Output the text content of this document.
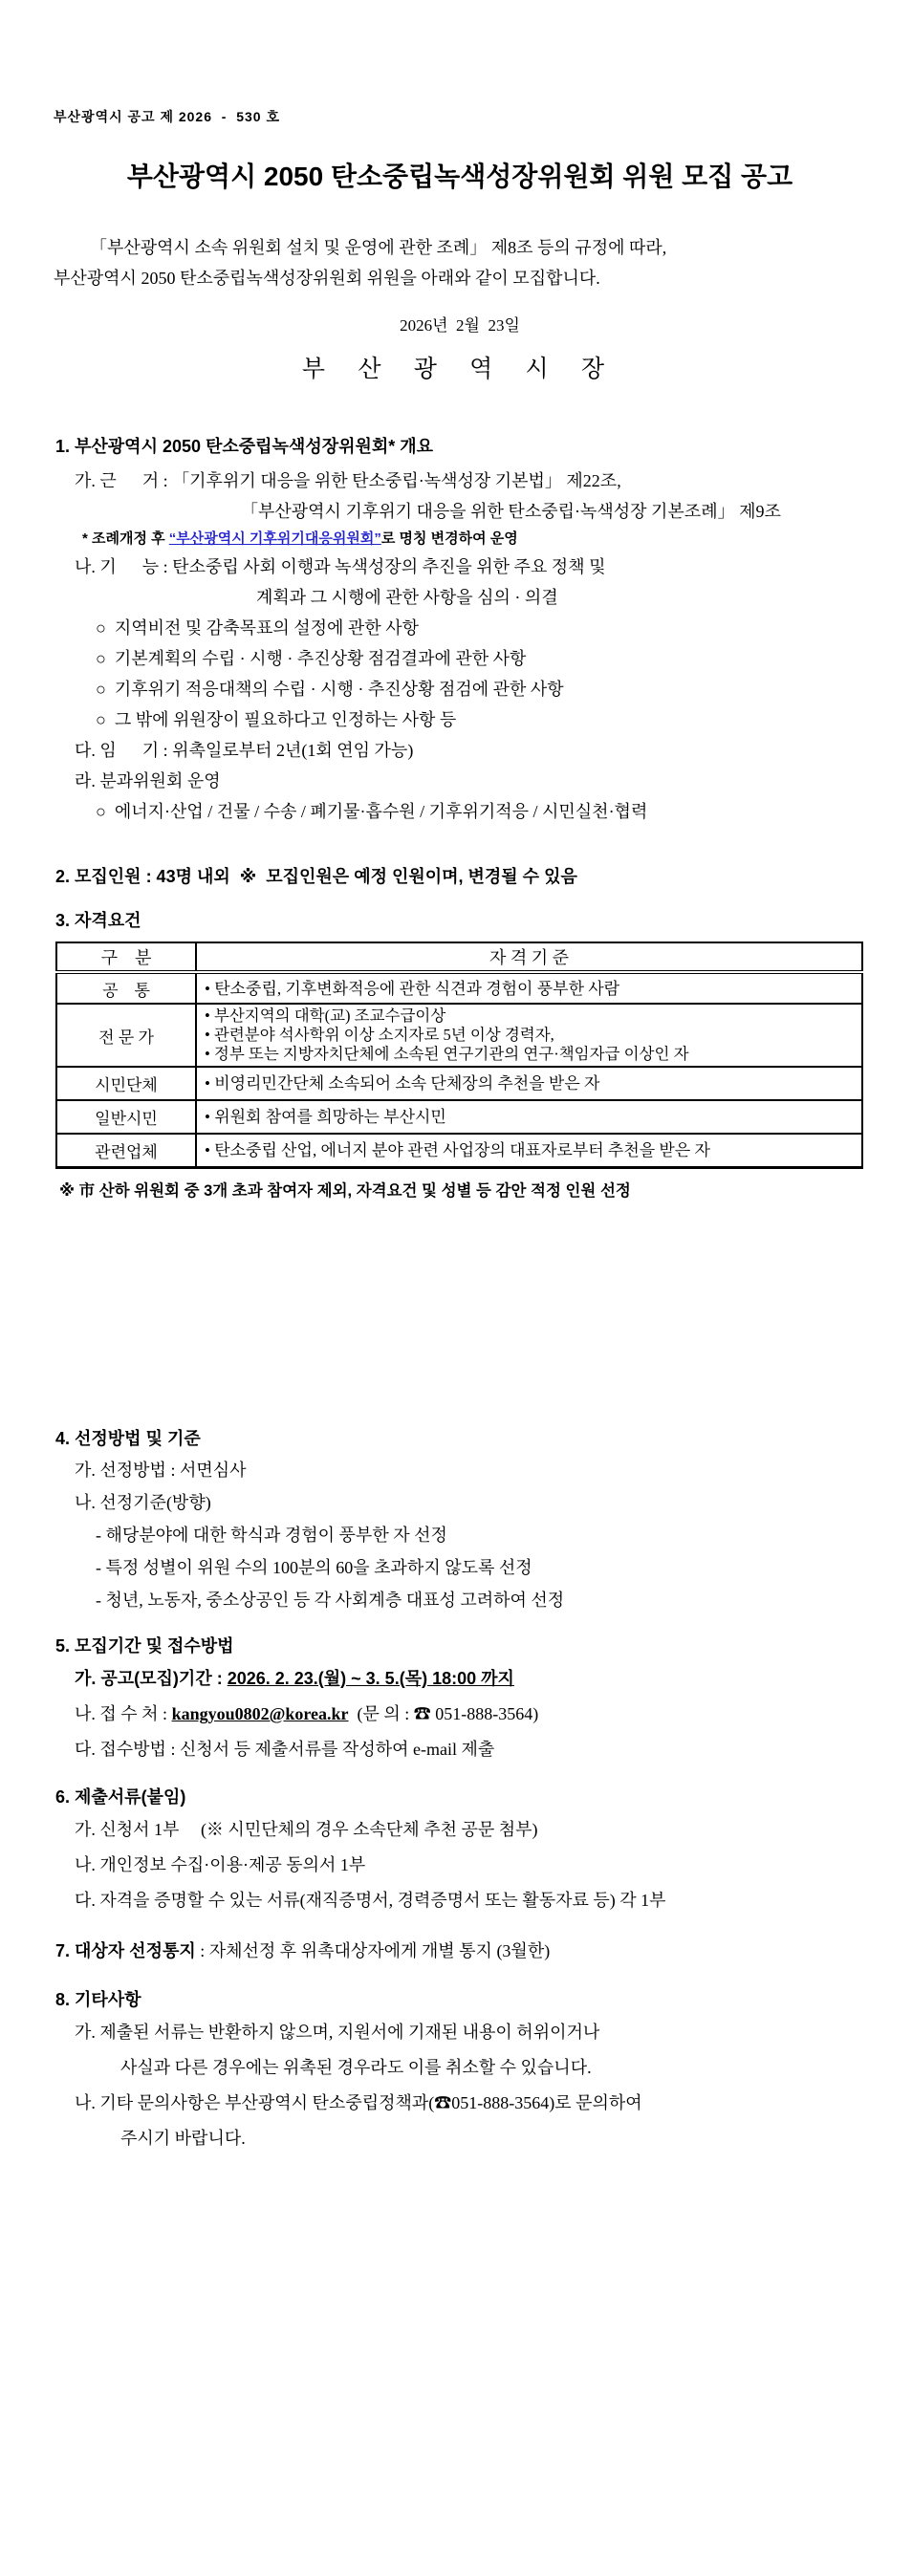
부산광역시 공고 제 2026  -  530 호
부산광역시 2050 탄소중립녹색성장위원회 위원 모집 공고
「부산광역시 소속 위원회 설치 및 운영에 관한 조례」 제8조 등의 규정에 따라,
부산광역시 2050 탄소중립녹색성장위원회 위원을 아래와 같이 모집합니다.
2026년  2월  23일
부 산 광 역 시 장
1. 부산광역시 2050 탄소중립녹색성장위원회* 개요
가. 근      거 : 「기후위기 대응을 위한 탄소중립·녹색성장 기본법」 제22조,
「부산광역시 기후위기 대응을 위한 탄소중립·녹색성장 기본조례」 제9조
* 조례개정 후 “부산광역시 기후위기대응위원회”로 명칭 변경하여 운영
나. 기      능 : 탄소중립 사회 이행과 녹색성장의 추진을 위한 주요 정책 및
계획과 그 시행에 관한 사항을 심의 · 의결
○  지역비전 및 감축목표의 설정에 관한 사항
○  기본계획의 수립 · 시행 · 추진상황 점검결과에 관한 사항
○  기후위기 적응대책의 수립 · 시행 · 추진상황 점검에 관한 사항
○  그 밖에 위원장이 필요하다고 인정하는 사항 등
다. 임      기 : 위촉일로부터 2년(1회 연임 가능)
라. 분과위원회 운영
○  에너지·산업 / 건물 / 수송 / 폐기물·흡수원 / 기후위기적응 / 시민실천·협력
2. 모집인원 : 43명 내외  ※  모집인원은 예정 인원이며, 변경될 수 있음
3. 자격요건
구    분	자 격 기 준
공    통	• 탄소중립, 기후변화적응에 관한 식견과 경험이 풍부한 사람

전 문 가	• 부산지역의 대학(교) 조교수급이상
• 관련분야 석사학위 이상 소지자로 5년 이상 경력자,
• 정부 또는 지방자치단체에 소속된 연구기관의 연구·책임자급 이상인 자

시민단체	• 비영리민간단체 소속되어 소속 단체장의 추천을 받은 자

일반시민	• 위원회 참여를 희망하는 부산시민

관련업체	• 탄소중립 산업, 에너지 분야 관련 사업장의 대표자로부터 추천을 받은 자
※ 市 산하 위원회 중 3개 초과 참여자 제외, 자격요건 및 성별 등 감안 적정 인원 선정
4. 선정방법 및 기준
가. 선정방법 : 서면심사
나. 선정기준(방향)
- 해당분야에 대한 학식과 경험이 풍부한 자 선정
- 특정 성별이 위원 수의 100분의 60을 초과하지 않도록 선정
- 청년, 노동자, 중소상공인 등 각 사회계층 대표성 고려하여 선정
5. 모집기간 및 접수방법
가. 공고(모집)기간 : 2026. 2. 23.(월) ~ 3. 5.(목) 18:00 까지
나. 접 수 처 : kangyou0802@korea.kr  (문 의 : ☎ 051-888-3564)
다. 접수방법 : 신청서 등 제출서류를 작성하여 e-mail 제출
6. 제출서류(붙임)
가. 신청서 1부     (※ 시민단체의 경우 소속단체 추천 공문 첨부)
나. 개인정보 수집·이용·제공 동의서 1부
다. 자격을 증명할 수 있는 서류(재직증명서, 경력증명서 또는 활동자료 등) 각 1부
7. 대상자 선정통지 : 자체선정 후 위촉대상자에게 개별 통지 (3월한)
8. 기타사항
가. 제출된 서류는 반환하지 않으며, 지원서에 기재된 내용이 허위이거나
사실과 다른 경우에는 위촉된 경우라도 이를 취소할 수 있습니다.
나. 기타 문의사항은 부산광역시 탄소중립정책과(☎051-888-3564)로 문의하여
주시기 바랍니다.
